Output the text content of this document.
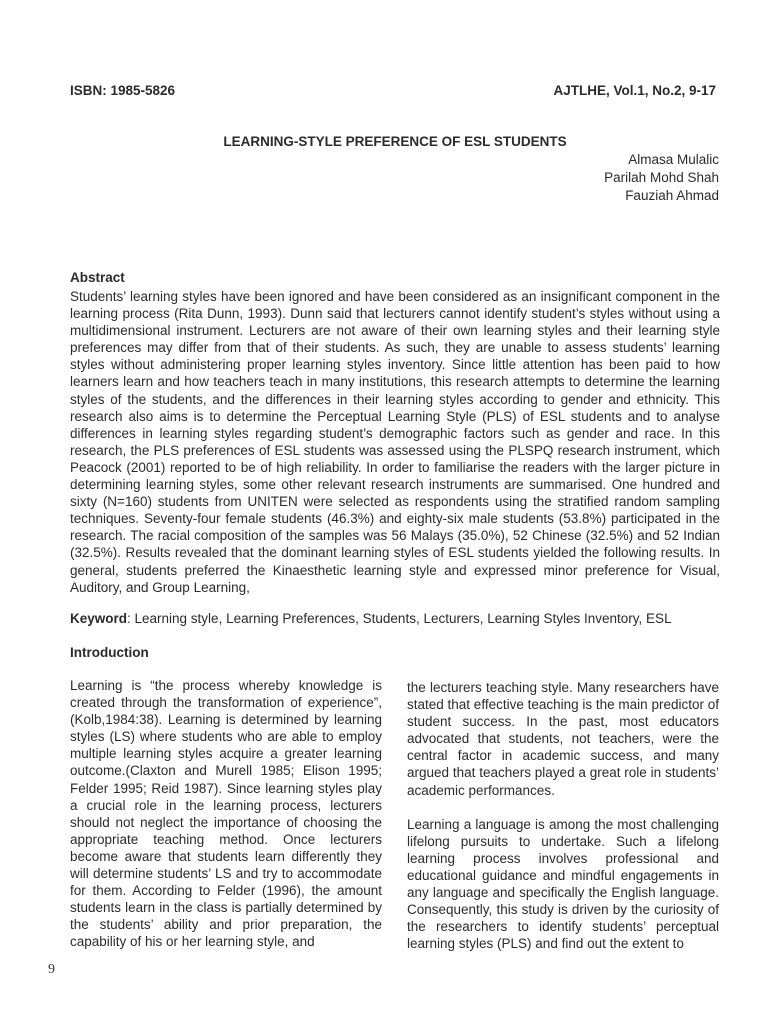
ISBN: 1985-5826	AJTLHE, Vol.1, No.2, 9-17
LEARNING-STYLE PREFERENCE OF ESL STUDENTS
Almasa Mulalic
Parilah Mohd Shah
Fauziah Ahmad
Abstract
Students’ learning styles have been ignored and have been considered as an insignificant component in the learning process (Rita Dunn, 1993). Dunn said that lecturers cannot identify student’s styles without using a multidimensional instrument. Lecturers are not aware of their own learning styles and their learning style preferences may differ from that of their students. As such, they are unable to assess students’ learning styles without administering proper learning styles inventory. Since little attention has been paid to how learners learn and how teachers teach in many institutions, this research attempts to determine the learning styles of the students, and the differences in their learning styles according to gender and ethnicity. This research also aims is to determine the Perceptual Learning Style (PLS) of ESL students and to analyse differences in learning styles regarding student’s demographic factors such as gender and race. In this research, the PLS preferences of ESL students was assessed using the PLSPQ research instrument, which Peacock (2001) reported to be of high reliability. In order to familiarise the readers with the larger picture in determining learning styles, some other relevant research instruments are summarised. One hundred and sixty (N=160) students from UNITEN were selected as respondents using the stratified random sampling techniques. Seventy-four female students (46.3%) and eighty-six male students (53.8%) participated in the research. The racial composition of the samples was 56 Malays (35.0%), 52 Chinese (32.5%) and 52 Indian (32.5%). Results revealed that the dominant learning styles of ESL students yielded the following results. In general, students preferred the Kinaesthetic learning style and expressed minor preference for Visual, Auditory, and Group Learning,
Keyword: Learning style, Learning Preferences, Students, Lecturers, Learning Styles Inventory, ESL
Introduction

Learning is “the process whereby knowledge is created through the transformation of experience”, (Kolb,1984:38). Learning is determined by learning styles (LS) where students who are able to employ multiple learning styles acquire a greater learning outcome.(Claxton and Murell 1985; Elison 1995; Felder 1995; Reid 1987). Since learning styles play a crucial role in the learning process, lecturers should not neglect the importance of choosing the appropriate teaching method. Once lecturers become aware that students learn differently they will determine students’ LS and try to accommodate for them. According to Felder (1996), the amount students learn in the class is partially determined by the students’ ability and prior preparation, the capability of his or her learning style, and

the lecturers teaching style. Many researchers have stated that effective teaching is the main predictor of student success. In the past, most educators advocated that students, not teachers, were the central factor in academic success, and many argued that teachers played a great role in students’ academic performances.

Learning a language is among the most challenging lifelong pursuits to undertake. Such a lifelong learning process involves professional and educational guidance and mindful engagements in any language and specifically the English language. Consequently, this study is driven by the curiosity of the researchers to identify students’ perceptual learning styles (PLS) and find out the extent to

9
